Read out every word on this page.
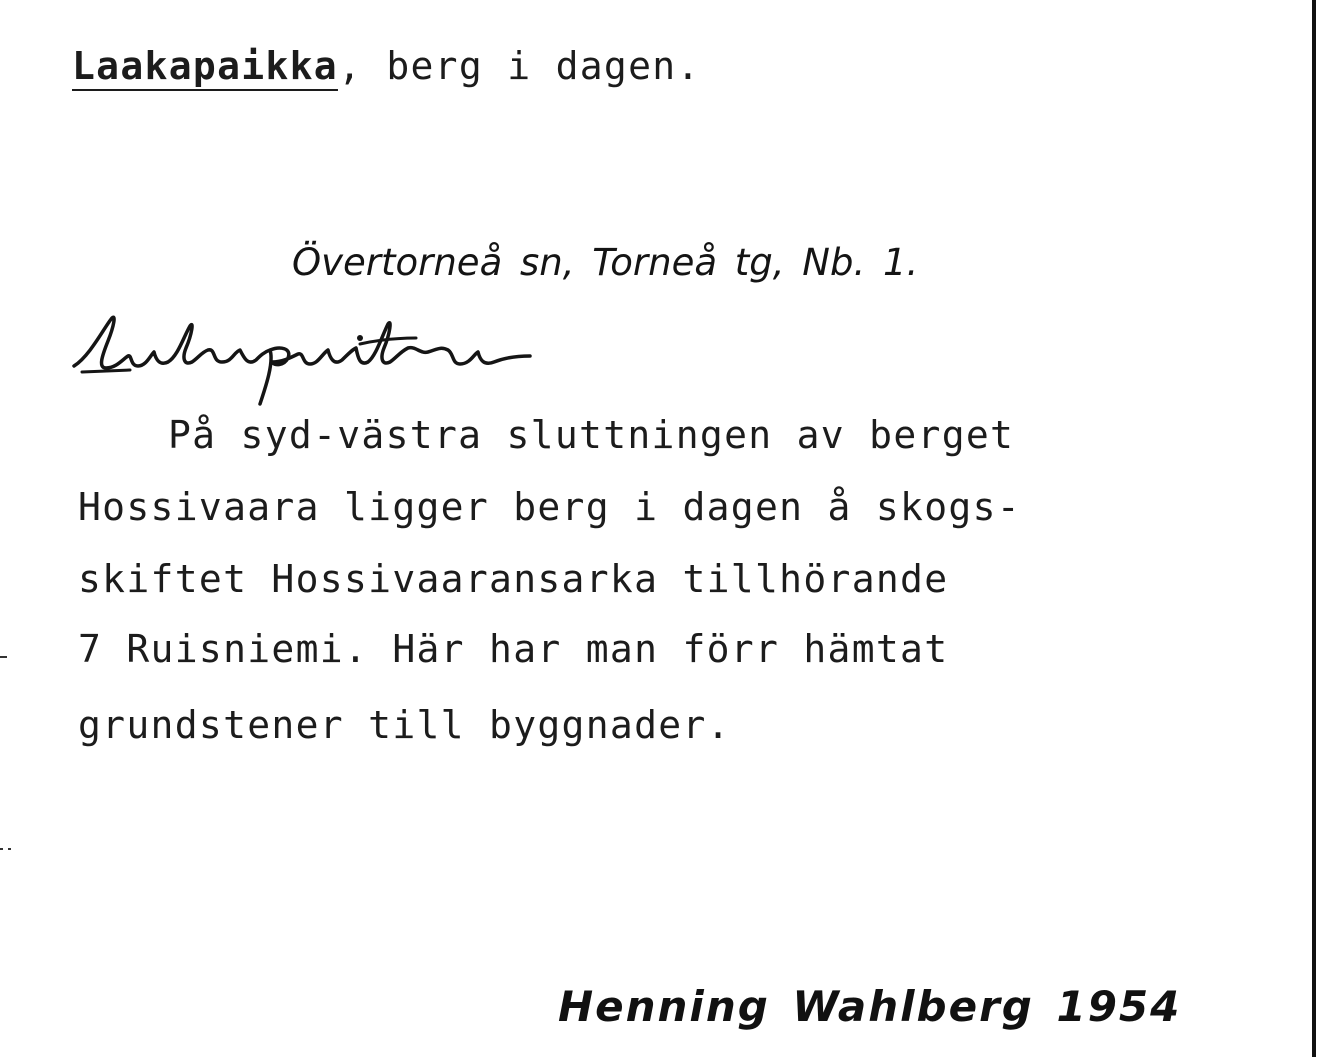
Laakapaikka, berg i dagen.
Övertorneå sn, Torneå tg, Nb. 1.
På syd-västra sluttningen av berget
Hossivaara ligger berg i dagen å skogs-
skiftet Hossivaaransarka tillhörande
7 Ruisniemi. Här har man förr hämtat
grundstener till byggnader.
Henning Wahlberg 1954
